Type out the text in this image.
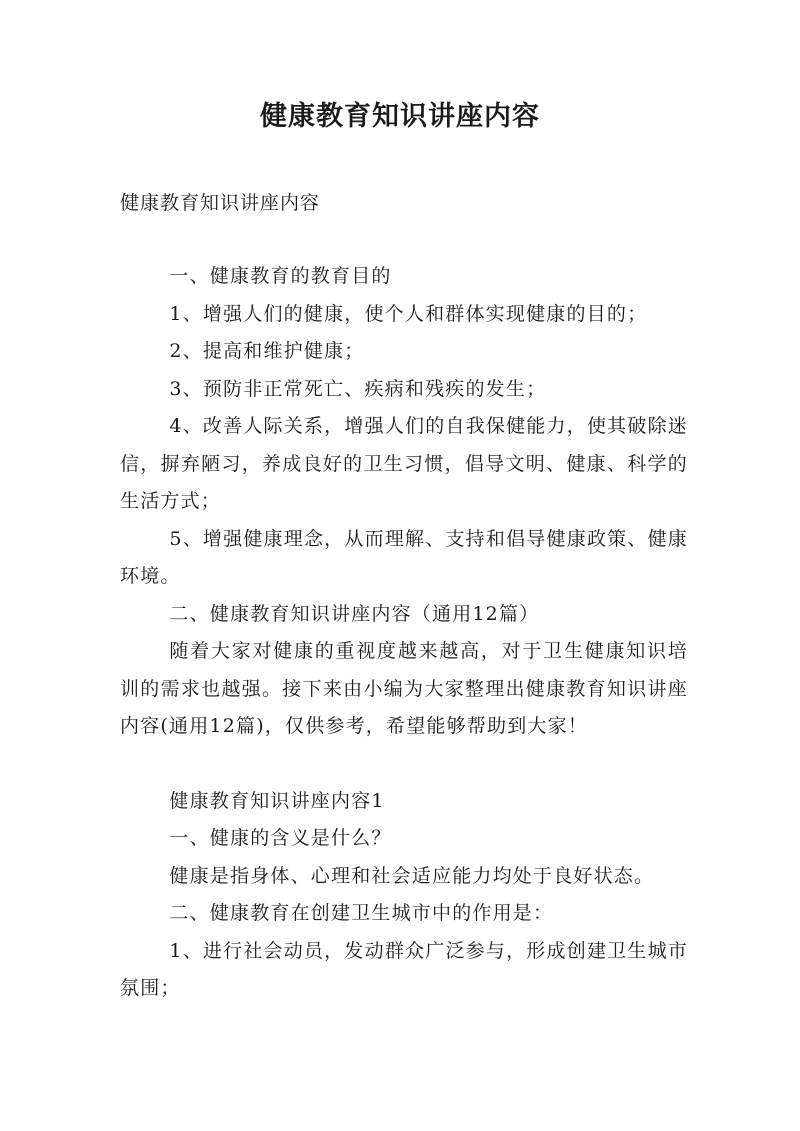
健康教育知识讲座内容

健康教育知识讲座内容

一、健康教育的教育目的

1、增强人们的健康，使个人和群体实现健康的目的；

2、提高和维护健康；

3、预防非正常死亡、疾病和残疾的发生；

4、改善人际关系，增强人们的自我保健能力，使其破除迷信，摒弃陋习，养成良好的卫生习惯，倡导文明、健康、科学的生活方式；

5、增强健康理念，从而理解、支持和倡导健康政策、健康环境。

二、健康教育知识讲座内容（通用12篇）

随着大家对健康的重视度越来越高，对于卫生健康知识培训的需求也越强。接下来由小编为大家整理出健康教育知识讲座内容(通用12篇)，仅供参考，希望能够帮助到大家！

健康教育知识讲座内容1

一、健康的含义是什么？

健康是指身体、心理和社会适应能力均处于良好状态。

二、健康教育在创建卫生城市中的作用是：

1、进行社会动员，发动群众广泛参与，形成创建卫生城市氛围；
